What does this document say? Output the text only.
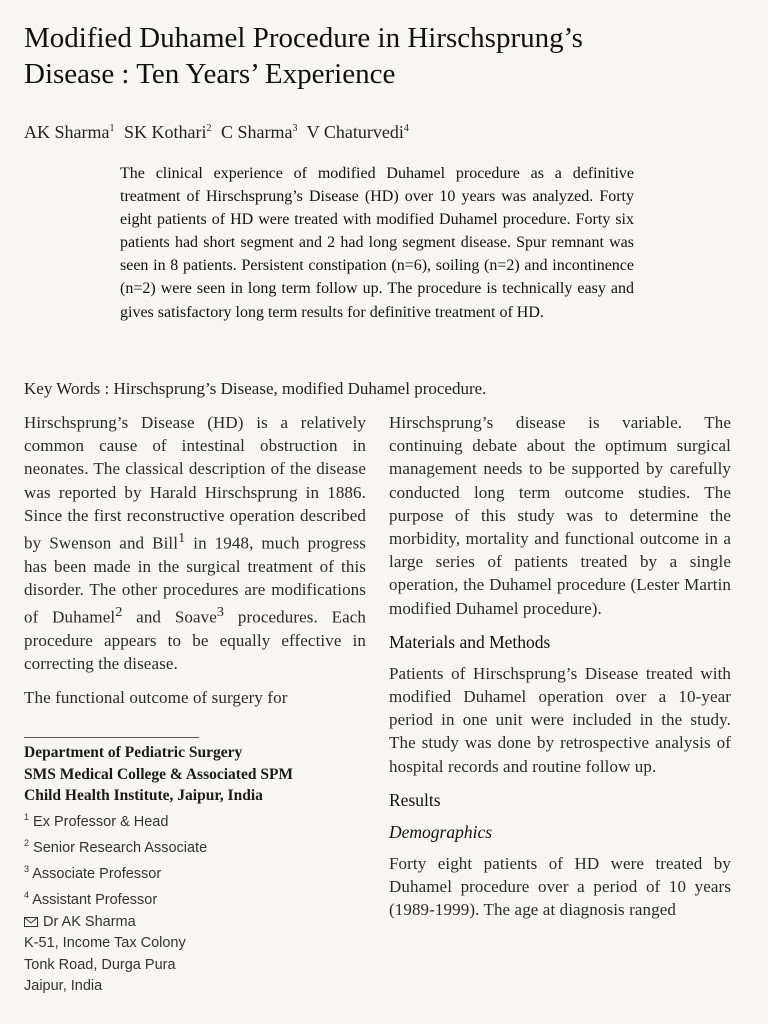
Modified Duhamel Procedure in Hirschsprung’s
Disease : Ten Years’ Experience
AK Sharma$^1$ SK Kothari$^2$ C Sharma$^3$ V Chaturvedi$^4$
The clinical experience of modified Duhamel procedure as a definitive treatment of Hirschsprung’s Disease (HD) over 10 years was analyzed. Forty eight patients of HD were treated with modified Duhamel procedure. Forty six patients had short segment and 2 had long segment disease. Spur remnant was seen in 8 patients. Persistent constipation (n=6), soiling (n=2) and incontinence (n=2) were seen in long term follow up. The procedure is technically easy and gives satisfactory long term results for definitive treatment of HD.
Key Words : Hirschsprung’s Disease, modified Duhamel procedure.

Hirschsprung’s Disease (HD) is a relatively common cause of intestinal obstruction in neonates. The classical description of the disease was reported by Harald Hirschsprung in 1886. Since the first reconstructive operation described by Swenson and Bill$^1$ in 1948, much progress has been made in the surgical treatment of this disorder. The other procedures are modifications of Duhamel$^2$ and Soave$^3$ procedures. Each procedure appears to be equally effective in correcting the disease.

The functional outcome of surgery for

Department of Pediatric Surgery
SMS Medical College & Associated SPM
Child Health Institute, Jaipur, India
$^1$ Ex Professor & Head
$^2$ Senior Research Associate
$^3$ Associate Professor
$^4$ Assistant Professor
Dr AK Sharma
K-51, Income Tax Colony
Tonk Road, Durga Pura
Jaipur, India

Hirschsprung’s disease is variable. The continuing debate about the optimum surgical management needs to be supported by carefully conducted long term outcome studies. The purpose of this study was to determine the morbidity, mortality and functional outcome in a large series of patients treated by a single operation, the Duhamel procedure (Lester Martin modified Duhamel procedure).

Materials and Methods

Patients of Hirschsprung’s Disease treated with modified Duhamel operation over a 10-year period in one unit were included in the study. The study was done by retrospective analysis of hospital records and routine follow up.

Results
Demographics

Forty eight patients of HD were treated by Duhamel procedure over a period of 10 years (1989-1999). The age at diagnosis ranged
